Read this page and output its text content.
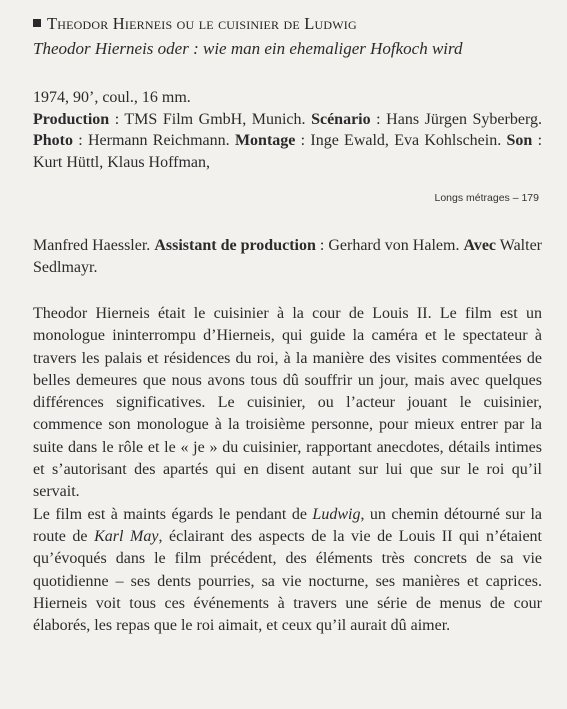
Theodor Hierneis ou le cuisinier de Ludwig
Theodor Hierneis oder : wie man ein ehemaliger Hofkoch wird
1974, 90’, coul., 16 mm.
Production : TMS Film GmbH, Munich. Scénario : Hans Jürgen Syberberg. Photo : Hermann Reichmann. Montage : Inge Ewald, Eva Kohlschein. Son : Kurt Hüttl, Klaus Hoffman,
Longs métrages – 179
Manfred Haessler. Assistant de production : Gerhard von Halem. Avec Walter Sedlmayr.

Theodor Hierneis était le cuisinier à la cour de Louis II. Le film est un monologue ininterrompu d’Hierneis, qui guide la caméra et le spectateur à travers les palais et résidences du roi, à la manière des visites commentées de belles demeures que nous avons tous dû souffrir un jour, mais avec quelques différences significatives. Le cuisinier, ou l’acteur jouant le cuisinier, commence son monologue à la troisième personne, pour mieux entrer par la suite dans le rôle et le « je » du cuisinier, rapportant anecdotes, détails intimes et s’autorisant des apartés qui en disent autant sur lui que sur le roi qu’il servait.

Le film est à maints égards le pendant de Ludwig, un chemin détourné sur la route de Karl May, éclairant des aspects de la vie de Louis II qui n’étaient qu’évoqués dans le film précédent, des éléments très concrets de sa vie quotidienne – ses dents pourries, sa vie nocturne, ses manières et caprices. Hierneis voit tous ces événements à travers une série de menus de cour élaborés, les repas que le roi aimait, et ceux qu’il aurait dû aimer.
